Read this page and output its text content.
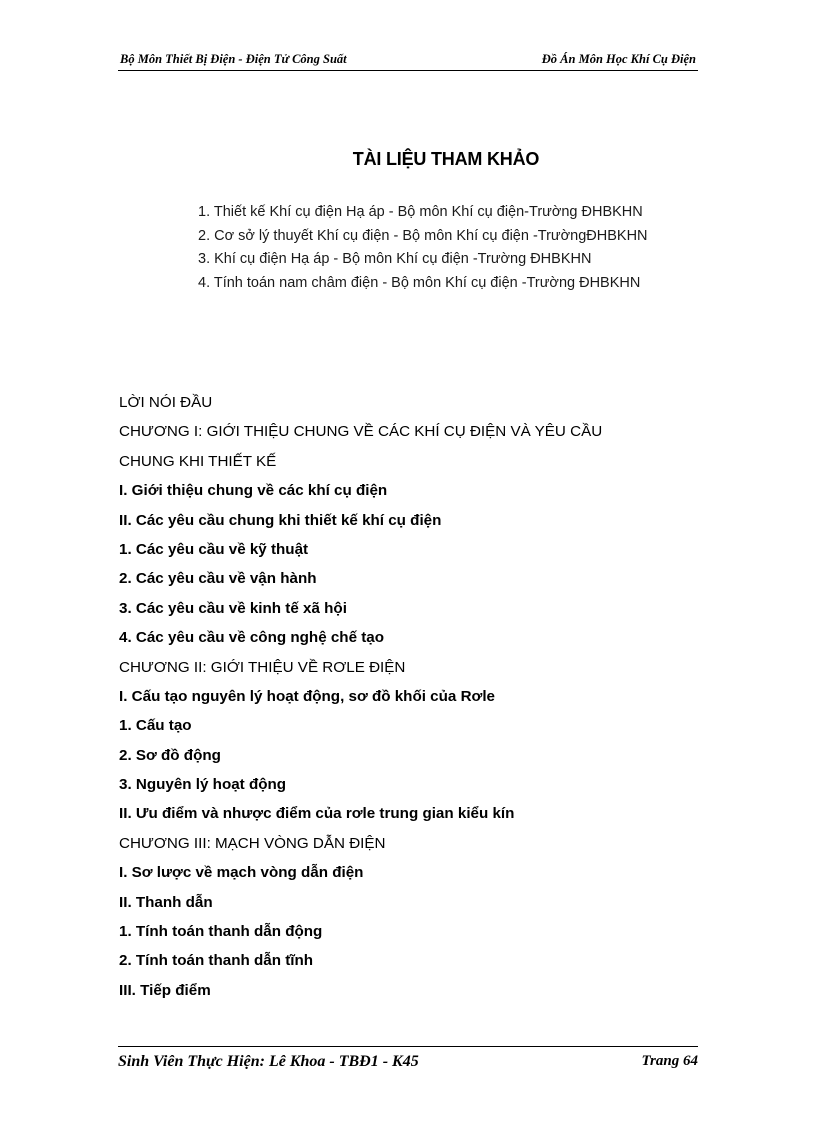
Bộ Môn Thiết Bị Điện - Điện Tử Công Suất	Đồ Án Môn Học Khí Cụ Điện
TÀI LIỆU THAM KHẢO
1. Thiết kế Khí cụ điện Hạ áp - Bộ môn Khí cụ điện-Trường ĐHBKHN
2. Cơ sở lý thuyết Khí cụ điện - Bộ môn Khí cụ điện -TrườngĐHBKHN
3. Khí cụ điện Hạ áp - Bộ môn Khí cụ điện -Trường ĐHBKHN
4. Tính toán nam châm điện - Bộ môn Khí cụ điện -Trường ĐHBKHN
LỜI NÓI ĐẦU
CHƯƠNG I: GIỚI THIỆU CHUNG VỀ CÁC KHÍ CỤ ĐIỆN VÀ YÊU CẦU
CHUNG KHI THIẾT KẾ
I. Giới thiệu chung về các khí cụ điện
II. Các yêu cầu chung khi thiết kế khí cụ điện
1. Các yêu cầu về kỹ thuật
2. Các yêu cầu về vận hành
3. Các yêu cầu về kinh tế xã hội
4. Các yêu cầu về công nghệ chế tạo
CHƯƠNG II: GIỚI THIỆU VỀ RƠLE ĐIỆN
I. Cấu tạo nguyên lý hoạt động, sơ đồ khối của Rơle
1. Cấu tạo
2. Sơ đồ động
3. Nguyên lý hoạt động
II. Ưu điểm và nhược điểm của rơle trung gian kiểu kín
CHƯƠNG III: MẠCH VÒNG DẪN ĐIỆN
I. Sơ lược về mạch vòng dẫn điện
II. Thanh dẫn
1. Tính toán thanh dẫn động
2. Tính toán thanh dẫn tĩnh
III. Tiếp điểm
Sinh Viên Thực Hiện: Lê Khoa - TBĐ1 - K45	Trang 64
